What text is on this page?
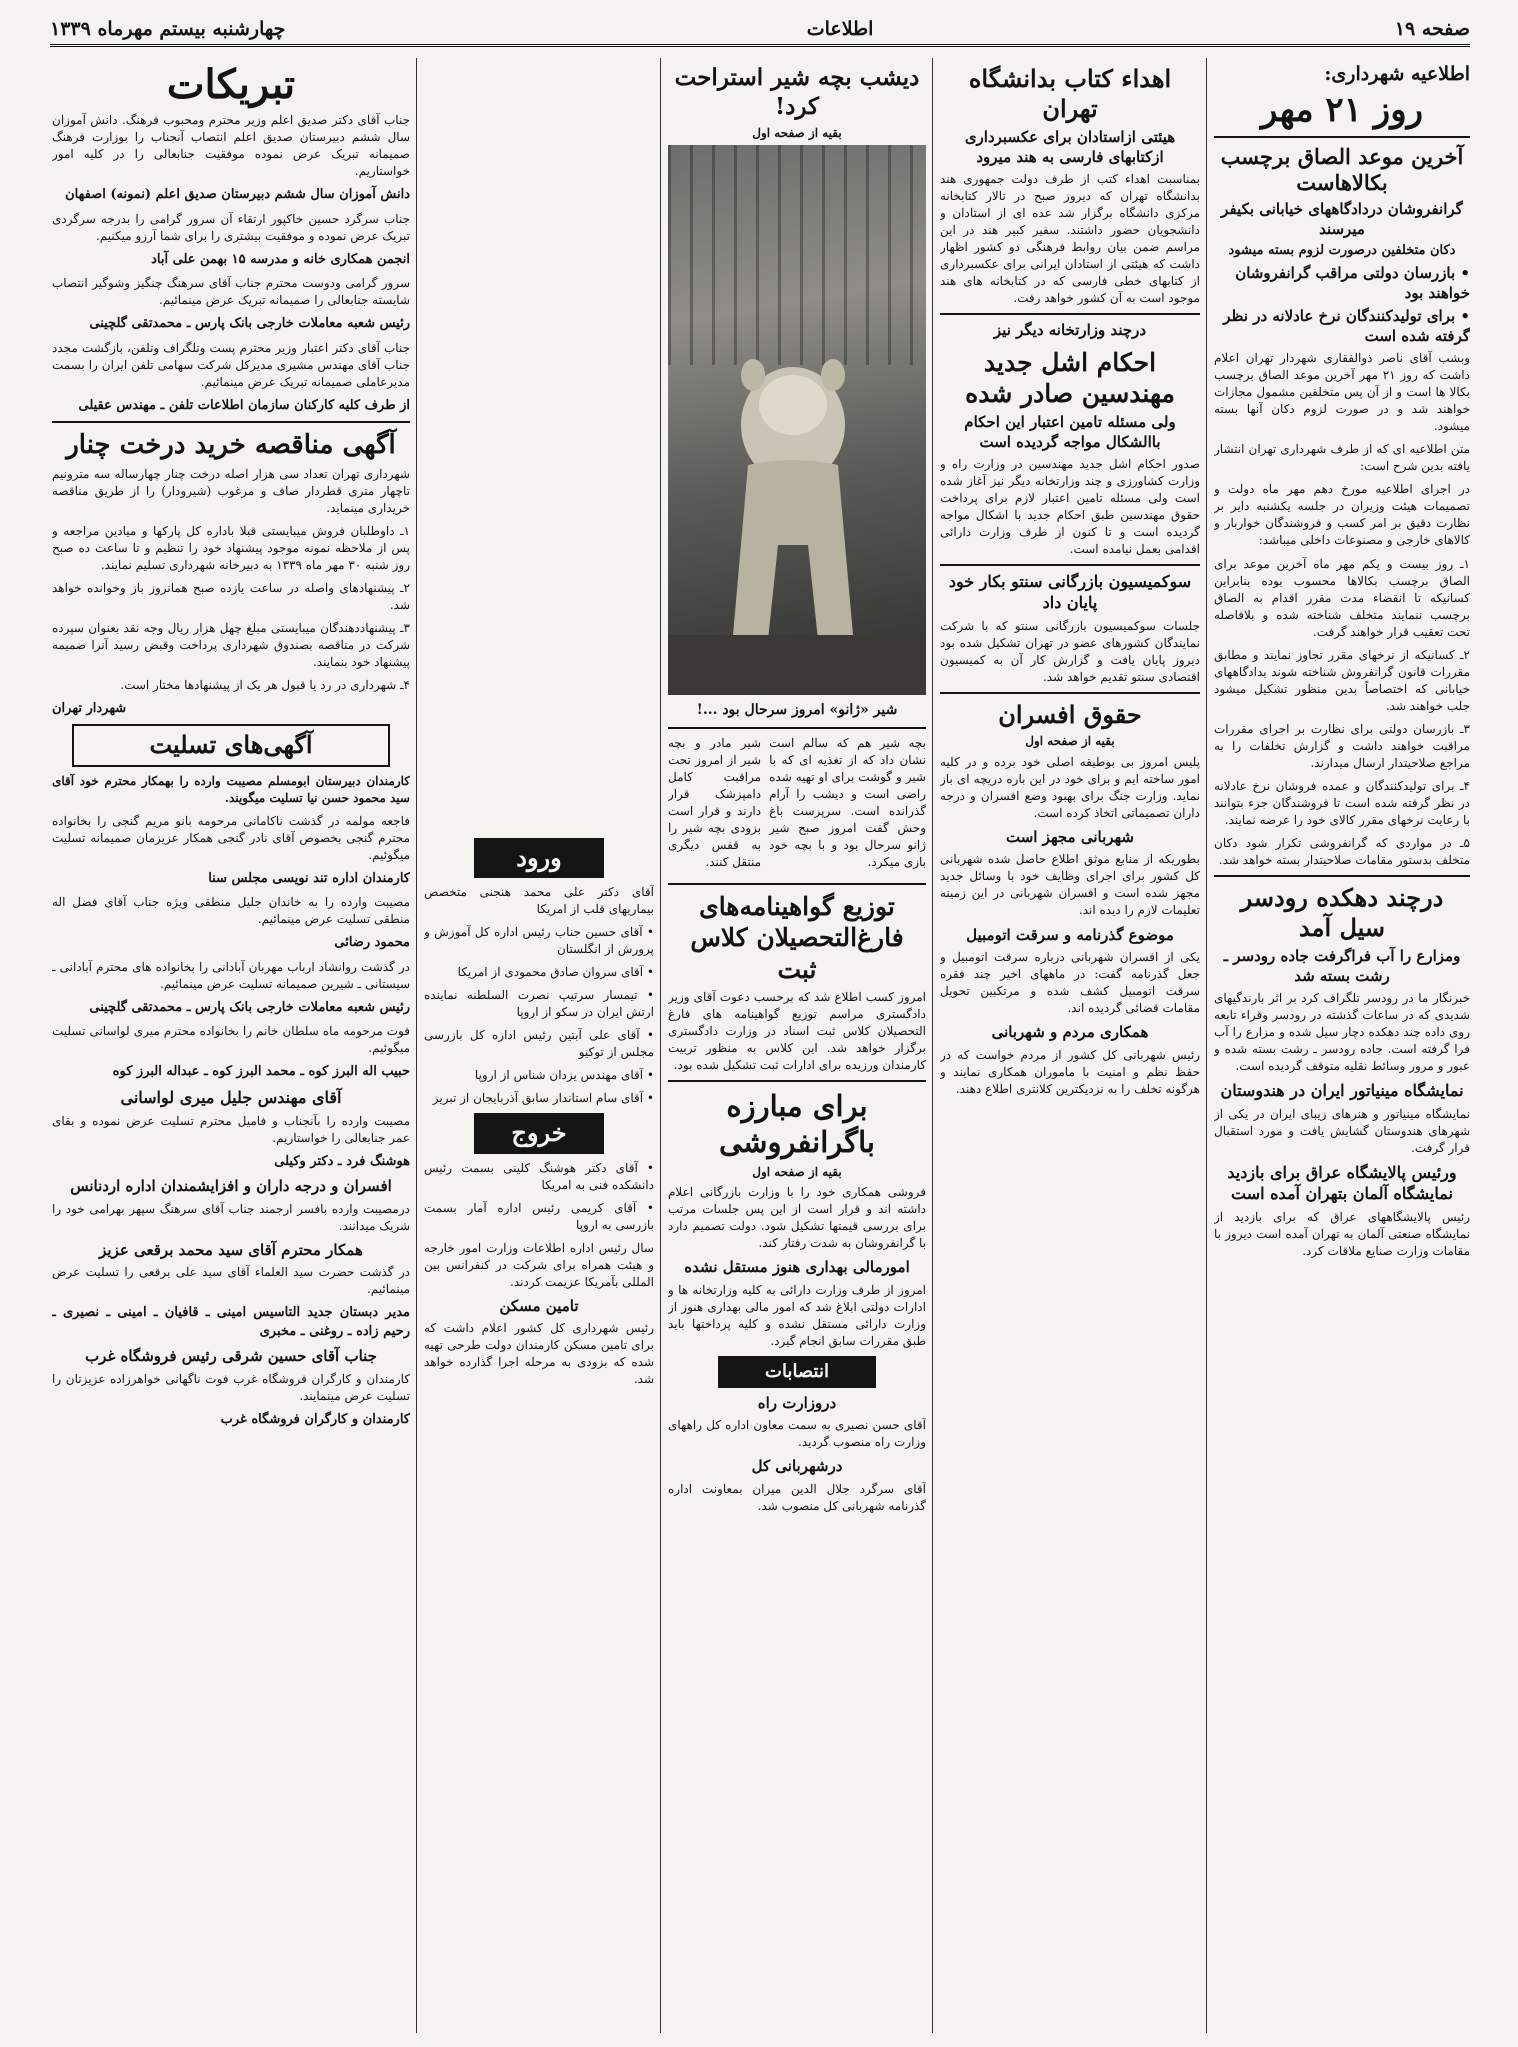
صفحه ۱۹
اطلاعات
چهارشنبه بیستم مهرماه ۱۳۳۹
اطلاعیه شهرداری:
روز ۲۱ مهر
آخرین موعد الصاق برچسب بکالاهاست
گرانفروشان دردادگاههای خیابانی بکیفر میرسند
دکان متخلفین درصورت لزوم بسته میشود
• بازرسان دولتی مراقب گرانفروشان خواهند بود
• برای تولیدکنندگان نرخ عادلانه در نظر گرفته شده است

وبشب آقای ناصر ذوالفقاری شهردار تهران اعلام داشت که روز ۲۱ مهر آخرین موعد الصاق برچسب بکالا ها است و از آن پس متخلفین مشمول مجازات خواهند شد و در صورت لزوم دکان آنها بسته میشود.

متن اطلاعیه ای که از طرف شهرداری تهران انتشار یافته بدین شرح است:

در اجرای اطلاعیه مورخ دهم مهر ماه دولت و تصمیمات هیئت وزیران در جلسه یکشنبه دایر بر نظارت دقیق بر امر کسب و فروشندگان خواربار و کالاهای خارجی و مصنوعات داخلی میباشد:

۱ـ روز بیست و یکم مهر ماه آخرین موعد برای الصاق برچسب بکالاها محسوب بوده بنابراین کسانیکه تا انقضاء مدت مقرر اقدام به الصاق برچسب ننمایند متخلف شناخته شده و بلافاصله تحت تعقیب قرار خواهند گرفت.

۲ـ کسانیکه از نرخهای مقرر تجاوز نمایند و مطابق مقررات قانون گرانفروش شناخته شوند بدادگاههای خیابانی که اختصاصاً بدین منظور تشکیل میشود جلب خواهند شد.

۳ـ بازرسان دولتی برای نظارت بر اجرای مقررات مراقبت خواهند داشت و گزارش تخلفات را به مراجع صلاحیتدار ارسال میدارند.

۴ـ برای تولیدکنندگان و عمده فروشان نرخ عادلانه در نظر گرفته شده است تا فروشندگان جزء بتوانند با رعایت نرخهای مقرر کالای خود را عرضه نمایند.

۵ـ در مواردی که گرانفروشی تکرار شود دکان متخلف بدستور مقامات صلاحیتدار بسته خواهد شد.

درچند دهکده رودسر سیل آمد
ومزارع را آب فراگرفت جاده رودسر ـ رشت بسته شد

خبرنگار ما در رودسر تلگراف کرد بر اثر بارندگیهای شدیدی که در ساعات گذشته در رودسر وقراء تابعه روی داده چند دهکده دچار سیل شده و مزارع را آب فرا گرفته است. جاده رودسر ـ رشت بسته شده و عبور و مرور وسائط نقلیه متوقف گردیده است.

نمایشگاه مینیاتور ایران در هندوستان

نمایشگاه مینیاتور و هنرهای زیبای ایران در یکی از شهرهای هندوستان گشایش یافت و مورد استقبال قرار گرفت.

ورئیس پالایشگاه عراق برای بازدید نمایشگاه آلمان بتهران آمده است

رئیس پالایشگاههای عراق که برای بازدید از نمایشگاه صنعتی آلمان به تهران آمده است دیروز با مقامات وزارت صنایع ملاقات کرد.

اهداء کتاب بدانشگاه تهران
هیئتی ازاستادان برای عکسبرداری ازکتابهای فارسی به هند میرود

بمناسبت اهداء کتب از طرف دولت جمهوری هند بدانشگاه تهران که دیروز صبح در تالار کتابخانه مرکزی دانشگاه برگزار شد عده ای از استادان و دانشجویان حضور داشتند. سفیر کبیر هند در این مراسم ضمن بیان روابط فرهنگی دو کشور اظهار داشت که هیئتی از استادان ایرانی برای عکسبرداری از کتابهای خطی فارسی که در کتابخانه های هند موجود است به آن کشور خواهد رفت.

درچند وزارتخانه دیگر نیز
احکام اشل جدید مهندسین صادر شده
ولی مسئله تامین اعتبار این احکام باالشکال مواجه گردیده است

صدور احکام اشل جدید مهندسین در وزارت راه و وزارت کشاورزی و چند وزارتخانه دیگر نیز آغاز شده است ولی مسئله تامین اعتبار لازم برای پرداخت حقوق مهندسین طبق احکام جدید با اشکال مواجه گردیده است و تا کنون از طرف وزارت دارائی اقدامی بعمل نیامده است.

سوکمیسیون بازرگانی سنتو بکار خود پایان داد

جلسات سوکمیسیون بازرگانی سنتو که با شرکت نمایندگان کشورهای عضو در تهران تشکیل شده بود دیروز پایان یافت و گزارش کار آن به کمیسیون اقتصادی سنتو تقدیم خواهد شد.

حقوق افسران
بقیه از صفحه اول

پلیس امروز بی بوطیقه اصلی خود برده و در کلیه امور ساخته ایم و برای خود در این باره دریچه ای باز نماید. وزارت جنگ برای بهبود وضع افسران و درجه داران تصمیماتی اتخاذ کرده است.

شهربانی مجهز است

بطوریکه از منابع موثق اطلاع حاصل شده شهربانی کل کشور برای اجرای وظایف خود با وسائل جدید مجهز شده است و افسران شهربانی در این زمینه تعلیمات لازم را دیده اند.

موضوع گذرنامه و سرقت اتومبیل

یکی از افسران شهربانی درباره سرقت اتومبیل و جعل گذرنامه گفت: در ماههای اخیر چند فقره سرقت اتومبیل کشف شده و مرتکبین تحویل مقامات قضائی گردیده اند.

همکاری مردم و شهربانی

رئیس شهربانی کل کشور از مردم خواست که در حفظ نظم و امنیت با ماموران همکاری نمایند و هرگونه تخلف را به نزدیکترین کلانتری اطلاع دهند.

دیشب بچه شیر استراحت کرد!
بقیه از صفحه اول
شیر «ژانو» امروز سرحال بود ...!

بچه شیر هم که سالم است نشان داد که از تغذیه ای که با شیر و گوشت برای او تهیه شده راضی است و دیشب را آرام گذرانده است. سرپرست باغ وحش گفت امروز صبح شیر ژانو سرحال بود و با بچه خود بازی میکرد.

شیر مادر و بچه شیر از امروز تحت مراقبت کامل دامپزشک قرار دارند و قرار است بزودی بچه شیر را به قفس دیگری منتقل کنند.

توزیع گواهینامه‌های فارغ‌التحصیلان کلاس ثبت

امروز کسب اطلاع شد که برحسب دعوت آقای وزیر دادگستری مراسم توزیع گواهینامه های فارغ التحصیلان کلاس ثبت اسناد در وزارت دادگستری برگزار خواهد شد. این کلاس به منظور تربیت کارمندان ورزیده برای ادارات ثبت تشکیل شده بود.

برای مبارزه باگرانفروشی
بقیه از صفحه اول

فروشی همکاری خود را با وزارت بازرگانی اعلام داشته اند و قرار است از این پس جلسات مرتب برای بررسی قیمتها تشکیل شود. دولت تصمیم دارد با گرانفروشان به شدت رفتار کند.

امورمالی بهداری هنوز مستقل نشده

امروز از طرف وزارت دارائی به کلیه وزارتخانه ها و ادارات دولتی ابلاغ شد که امور مالی بهداری هنوز از وزارت دارائی مستقل نشده و کلیه پرداختها باید طبق مقررات سابق انجام گیرد.

انتصابات
دروزارت راه

آقای حسن نصیری به سمت معاون اداره کل راههای وزارت راه منصوب گردید.

درشهربانی کل

آقای سرگرد جلال الدین میران بمعاونت اداره گذرنامه شهربانی کل منصوب شد.

ورود

آقای دکتر علی محمد هنجنی متخصص بیماریهای قلب از امریکا

• آقای حسین جناب رئیس اداره کل آموزش و پرورش از انگلستان

• آقای سروان صادق محمودی از امریکا

• تیمسار سرتیپ نصرت السلطنه نماینده ارتش ایران در سکو از اروپا

• آقای علی آبتین رئیس اداره کل بازرسی مجلس از توکیو

• آقای مهندس یزدان شناس از اروپا

• آقای سام استاندار سابق آذربایجان از تبریز

خروج

• آقای دکتر هوشنگ کلینی بسمت رئیس دانشکده فنی به امریکا

• آقای کریمی رئیس اداره آمار بسمت بازرسی به اروپا

سال رئیس اداره اطلاعات وزارت امور خارجه و هیئت همراه برای شرکت در کنفرانس بین المللی بآمریکا عزیمت کردند.

تامین مسکن

رئیس شهرداری کل کشور اعلام داشت که برای تامین مسکن کارمندان دولت طرحی تهیه شده که بزودی به مرحله اجرا گذارده خواهد شد.

تبریکات

جناب آقای دکتر صدیق اعلم وزیر محترم ومحبوب فرهنگ. دانش آموزان سال ششم دبیرستان صدیق اعلم انتصاب آنجناب را بوزارت فرهنگ صمیمانه تبریک عرض نموده موفقیت جنابعالی را در کلیه امور خواستاریم.

دانش آموزان سال ششم دبیرستان صدیق اعلم (نمونه) اصفهان

جناب سرگرد حسین خاکپور ارتقاء آن سرور گرامی را بدرجه سرگردی تبریک عرض نموده و موفقیت بیشتری را برای شما آرزو میکنیم.

انجمن همکاری خانه و مدرسه ۱۵ بهمن علی آباد

سرور گرامی ودوست محترم جناب آقای سرهنگ چنگیز وشوگیر انتصاب شایسته جنابعالی را صمیمانه تبریک عرض مینمائیم.

رئیس شعبه معاملات خارجی بانک پارس ـ محمدتقی گلچینی

جناب آقای دکتر اعتبار وزیر محترم پست وتلگراف وتلفن، بازگشت مجدد جناب آقای مهندس مشیری مدیرکل شرکت سهامی تلفن ایران را بسمت مدیرعاملی صمیمانه تبریک عرض مینمائیم.

از طرف کلیه کارکنان سازمان اطلاعات تلفن ـ مهندس عقیلی
آگهی مناقصه خرید درخت چنار

شهرداری تهران تعداد سی هزار اصله درخت چنار چهارساله سه مترونیم تاچهار متری قطردار صاف و مرغوب (شیرودار) را از طریق مناقصه خریداری مینماید.

۱ـ داوطلبان فروش میبایستی قبلا باداره کل پارکها و میادین مراجعه و پس از ملاحظه نمونه موجود پیشنهاد خود را تنظیم و تا ساعت ده صبح روز شنبه ۳۰ مهر ماه ۱۳۳۹ به دبیرخانه شهرداری تسلیم نمایند.

۲ـ پیشنهادهای واصله در ساعت یازده صبح همانروز باز وخوانده خواهد شد.

۳ـ پیشنهاددهندگان میبایستی مبلغ چهل هزار ریال وجه نقد بعنوان سپرده شرکت در مناقصه بصندوق شهرداری پرداخت وقبض رسید آنرا ضمیمه پیشنهاد خود بنمایند.

۴ـ شهرداری در رد یا قبول هر یک از پیشنهادها مختار است.

شهردار تهران
آگهی‌های تسلیت

کارمندان دبیرستان ابومسلم مصیبت وارده را بهمکار محترم خود آقای سید محمود حسن نیا تسلیت میگویند.

فاجعه مولمه در گذشت ناکامانی مرحومه بانو مریم گنجی را بخانواده محترم گنجی بخصوص آقای نادر گنجی همکار عزیزمان صمیمانه تسلیت میگوئیم.

کارمندان اداره تند نویسی مجلس سنا

مصیبت وارده را به خاندان جلیل منطقی ویژه جناب آقای فضل اله منطقی تسلیت عرض مینمائیم.

محمود رضائی

در گذشت روانشاد ارباب مهربان آبادانی را بخانواده های محترم آبادانی ـ سیستانی ـ شیرین صمیمانه تسلیت عرض مینمائیم.

رئیس شعبه معاملات خارجی بانک پارس ـ محمدتقی گلچینی

فوت مرحومه ماه سلطان خانم را بخانواده محترم میری لواسانی تسلیت میگوئیم.

حبیب اله البرز کوه ـ محمد البرز کوه ـ عبداله البرز کوه
آقای مهندس جلیل میری لواسانی

مصیبت وارده را بآنجناب و فامیل محترم تسلیت عرض نموده و بقای عمر جنابعالی را خواستاریم.

هوشنگ فرد ـ دکتر وکیلی
افسران و درجه داران و افزایشمندان اداره اردنانس

درمصیبت وارده بافسر ارجمند جناب آقای سرهنگ سپهر بهرامی خود را شریک میدانند.

همکار محترم آقای سید محمد برقعی عزیز

در گذشت حضرت سید العلماء آقای سید علی برقعی را تسلیت عرض مینمائیم.

مدیر دبستان جدید التاسیس امینی ـ قافیان ـ امینی ـ نصیری ـ رحیم زاده ـ روغنی ـ مخبری
جناب آقای حسین شرقی رئیس فروشگاه غرب

کارمندان و کارگران فروشگاه غرب فوت ناگهانی خواهرزاده عزیزتان را تسلیت عرض مینمایند.

کارمندان و کارگران فروشگاه غرب
